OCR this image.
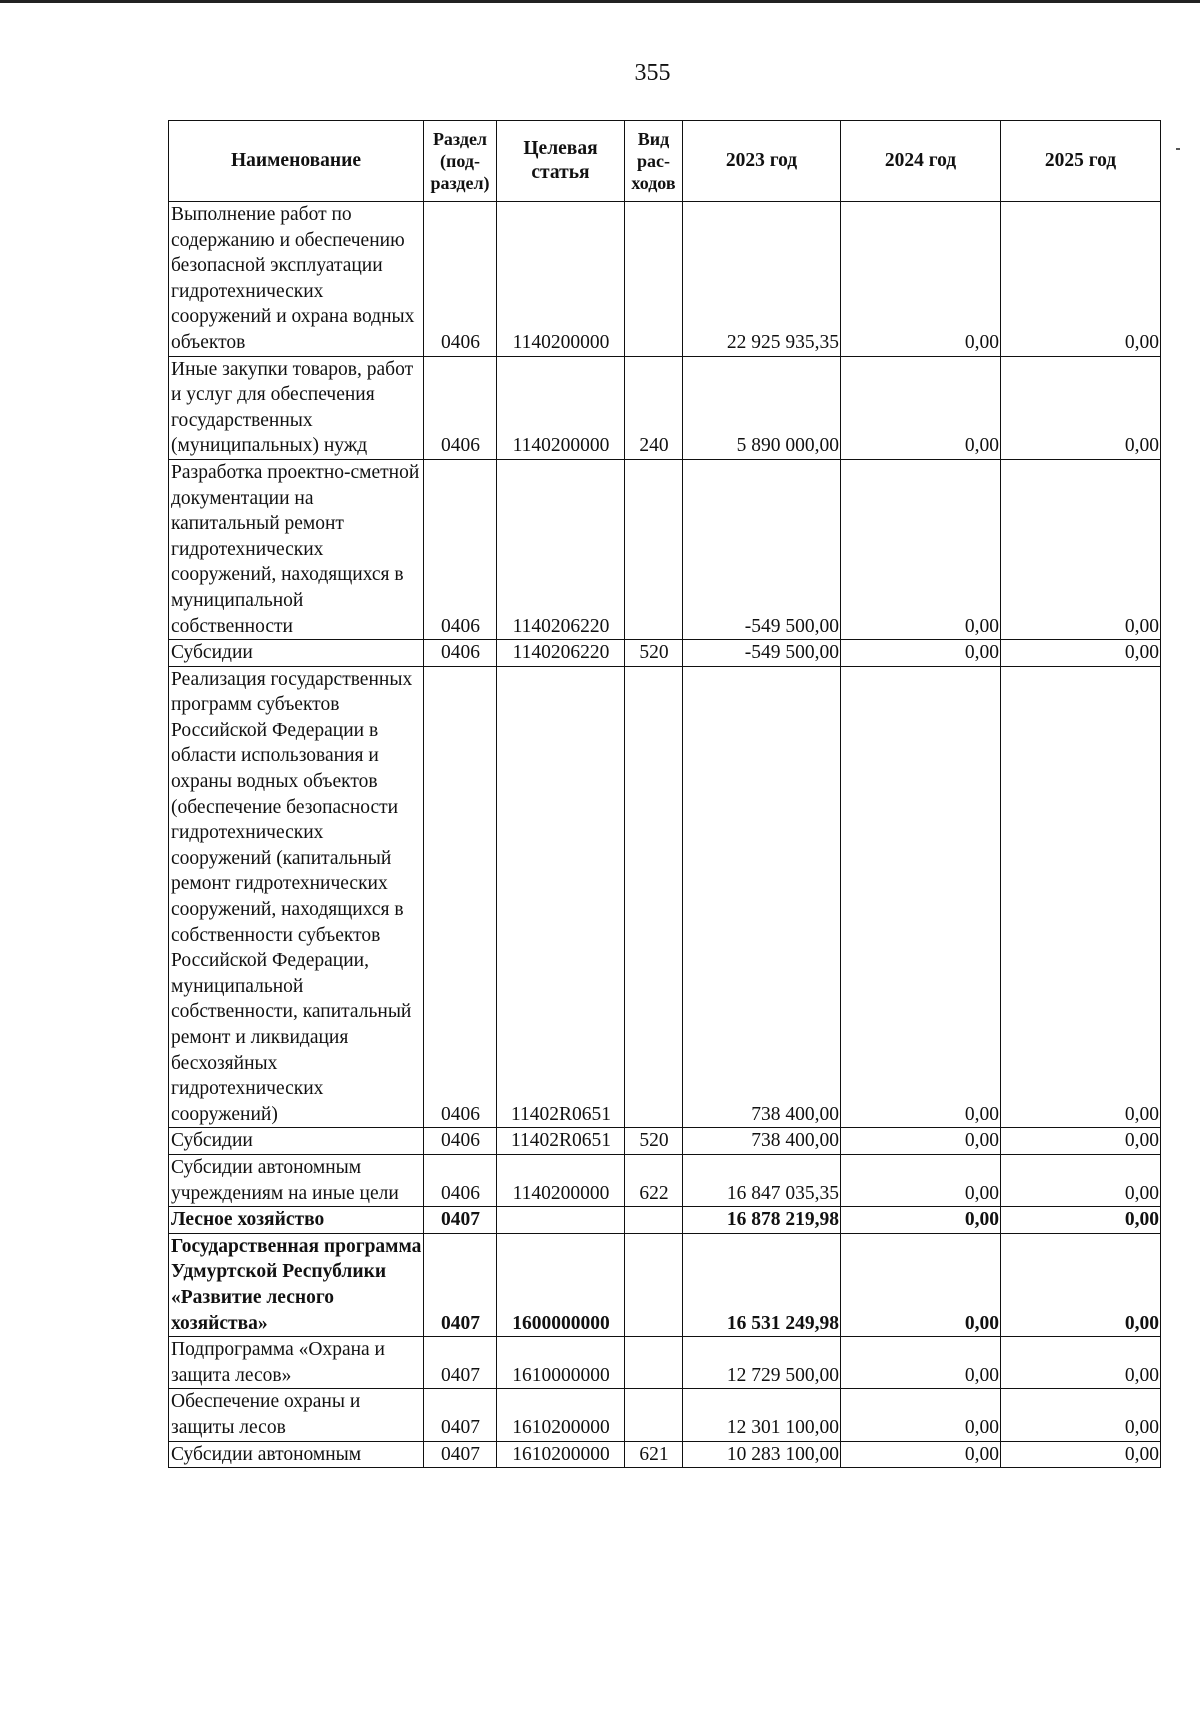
355
Наименование	Раздел (под-раздел)	Целевая статья	Вид рас-ходов	2023 год	2024 год	2025 год
Выполнение работ по содержанию и обеспечению безопасной эксплуатации гидротехнических сооружений и охрана водных объектов	0406	1140200000		22 925 935,35	0,00	0,00
Иные закупки товаров, работ и услуг для обеспечения государственных (муниципальных) нужд	0406	1140200000	240	5 890 000,00	0,00	0,00
Разработка проектно-сметной документации на капитальный ремонт гидротехнических сооружений, находящихся в муниципальной собственности	0406	1140206220		-549 500,00	0,00	0,00
Субсидии	0406	1140206220	520	-549 500,00	0,00	0,00
Реализация государственных программ субъектов Российской Федерации в области использования и охраны водных объектов (обеспечение безопасности гидротехнических сооружений (капитальный ремонт гидротехнических сооружений, находящихся в собственности субъектов Российской Федерации, муниципальной собственности, капитальный ремонт и ликвидация бесхозяйных гидротехнических сооружений)	0406	11402R0651		738 400,00	0,00	0,00
Субсидии	0406	11402R0651	520	738 400,00	0,00	0,00
Субсидии автономным учреждениям на иные цели	0406	1140200000	622	16 847 035,35	0,00	0,00
Лесное хозяйство	0407			16 878 219,98	0,00	0,00
Государственная программа Удмуртской Республики «Развитие лесного хозяйства»	0407	1600000000		16 531 249,98	0,00	0,00
Подпрограмма «Охрана и защита лесов»	0407	1610000000		12 729 500,00	0,00	0,00
Обеспечение охраны и защиты лесов	0407	1610200000		12 301 100,00	0,00	0,00
Субсидии автономным	0407	1610200000	621	10 283 100,00	0,00	0,00
